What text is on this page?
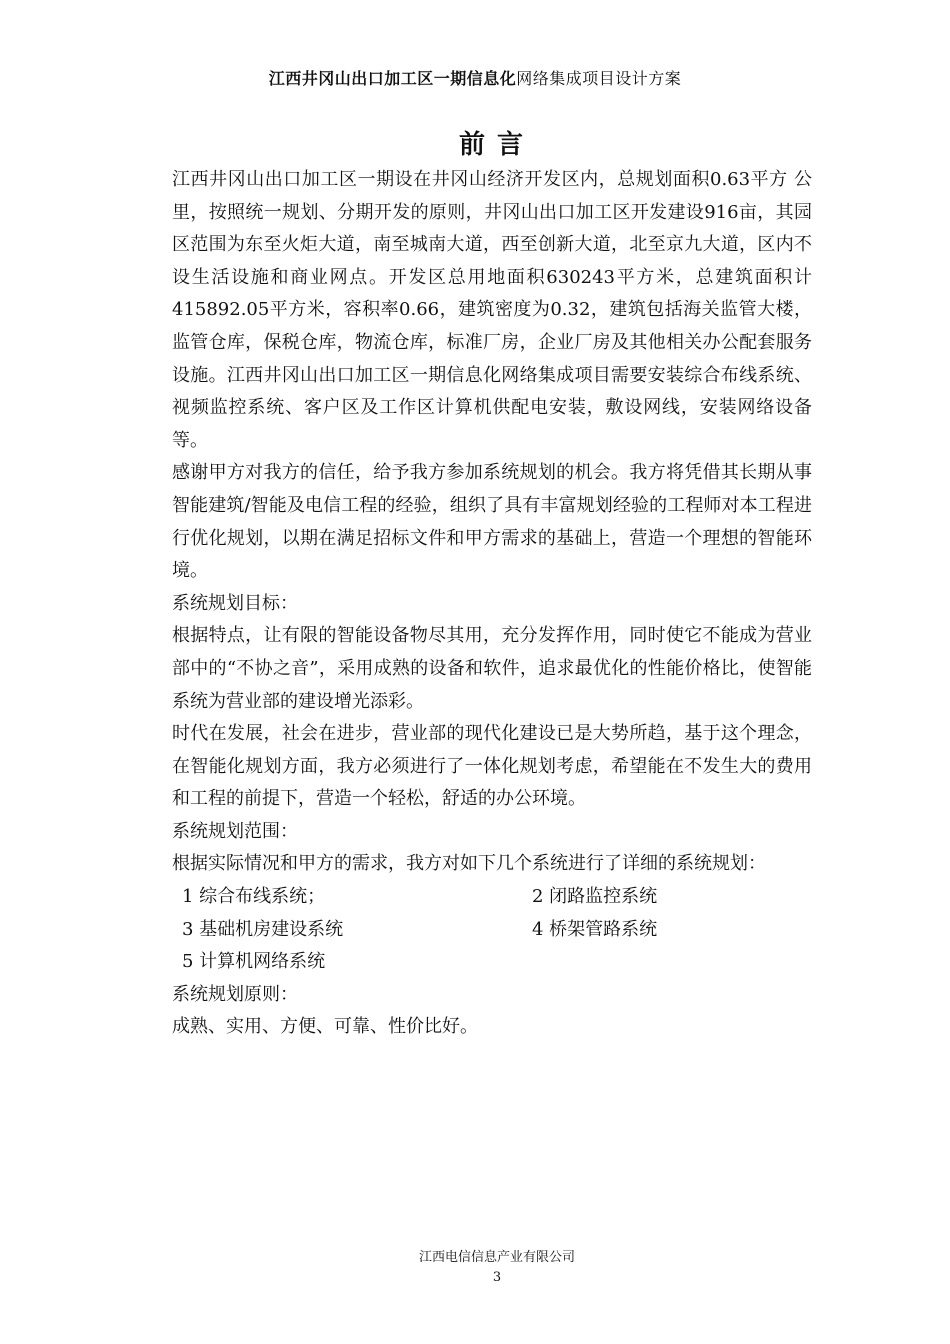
江西井冈山出口加工区一期信息化网络集成项目设计方案
前言

江西井冈山出口加工区一期设在井冈山经济开发区内，总规划面积0.63平方 公里，按照统一规划、分期开发的原则，井冈山出口加工区开发建设916亩，其园区范围为东至火炬大道，南至城南大道，西至创新大道，北至京九大道，区内不设生活设施和商业网点。开发区总用地面积630243平方米，总建筑面积计415892.05平方米，容积率0.66，建筑密度为0.32，建筑包括海关监管大楼，监管仓库，保税仓库，物流仓库，标准厂房，企业厂房及其他相关办公配套服务设施。江西井冈山出口加工区一期信息化网络集成项目需要安装综合布线系统、视频监控系统、客户区及工作区计算机供配电安装，敷设网线，安装网络设备等。

感谢甲方对我方的信任，给予我方参加系统规划的机会。我方将凭借其长期从事智能建筑/智能及电信工程的经验，组织了具有丰富规划经验的工程师对本工程进行优化规划，以期在满足招标文件和甲方需求的基础上，营造一个理想的智能环境。

系统规划目标：

根据特点，让有限的智能设备物尽其用，充分发挥作用，同时使它不能成为营业部中的“不协之音”，采用成熟的设备和软件，追求最优化的性能价格比，使智能系统为营业部的建设增光添彩。

时代在发展，社会在进步，营业部的现代化建设已是大势所趋，基于这个理念，在智能化规划方面，我方必须进行了一体化规划考虑，希望能在不发生大的费用和工程的前提下，营造一个轻松，舒适的办公环境。

系统规划范围：

根据实际情况和甲方的需求，我方对如下几个系统进行了详细的系统规划：

1 综合布线系统；	2 闭路监控系统
3 基础机房建设系统	4 桥架管路系统
5 计算机网络系统

系统规划原则：

成熟、实用、方便、可靠、性价比好。

江西电信信息产业有限公司
3
